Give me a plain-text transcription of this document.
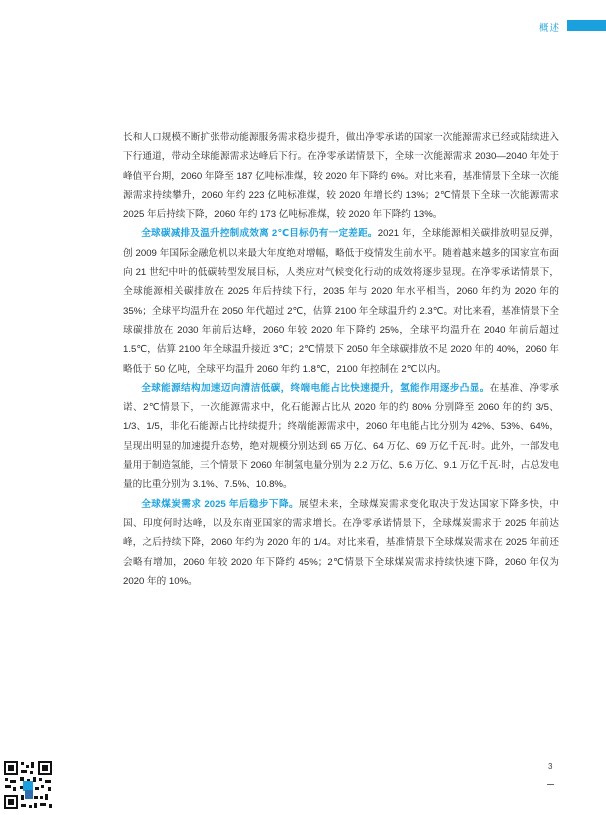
概述

长和人口规模不断扩张带动能源服务需求稳步提升，做出净零承诺的国家一次能源需求已经或陆续进入下行通道，带动全球能源需求达峰后下行。在净零承诺情景下，全球一次能源需求 2030—2040 年处于峰值平台期，2060 年降至 187 亿吨标准煤，较 2020 年下降约 6%。对比来看，基准情景下全球一次能源需求持续攀升，2060 年约 223 亿吨标准煤，较 2020 年增长约 13%；2℃情景下全球一次能源需求 2025 年后持续下降，2060 年约 173 亿吨标准煤，较 2020 年下降约 13%。

全球碳减排及温升控制成效离 2℃目标仍有一定差距。2021 年，全球能源相关碳排放明显反弹，创 2009 年国际金融危机以来最大年度绝对增幅，略低于疫情发生前水平。随着越来越多的国家宣布面向 21 世纪中叶的低碳转型发展目标，人类应对气候变化行动的成效将逐步显现。在净零承诺情景下，全球能源相关碳排放在 2025 年后持续下行，2035 年与 2020 年水平相当，2060 年约为 2020 年的 35%；全球平均温升在 2050 年代超过 2℃，估算 2100 年全球温升约 2.3℃。对比来看，基准情景下全球碳排放在 2030 年前后达峰，2060 年较 2020 年下降约 25%，全球平均温升在 2040 年前后超过 1.5℃，估算 2100 年全球温升接近 3℃；2℃情景下 2050 年全球碳排放不足 2020 年的 40%，2060 年略低于 50 亿吨，全球平均温升 2060 年约 1.8℃，2100 年控制在 2℃以内。

全球能源结构加速迈向清洁低碳，终端电能占比快速提升，氢能作用逐步凸显。在基准、净零承诺、2℃情景下，一次能源需求中，化石能源占比从 2020 年的约 80% 分别降至 2060 年的约 3/5、1/3、1/5，非化石能源占比持续提升；终端能源需求中，2060 年电能占比分别为 42%、53%、64%，呈现出明显的加速提升态势，绝对规模分别达到 65 万亿、64 万亿、69 万亿千瓦·时。此外，一部发电量用于制造氢能，三个情景下 2060 年制氢电量分别为 2.2 万亿、5.6 万亿、9.1 万亿千瓦·时，占总发电量的比重分别为 3.1%、7.5%、10.8%。

全球煤炭需求 2025 年后稳步下降。展望未来，全球煤炭需求变化取决于发达国家下降多快，中国、印度何时达峰，以及东南亚国家的需求增长。在净零承诺情景下，全球煤炭需求于 2025 年前达峰，之后持续下降，2060 年约为 2020 年的 1/4。对比来看，基准情景下全球煤炭需求在 2025 年前还会略有增加，2060 年较 2020 年下降约 45%；2℃情景下全球煤炭需求持续快速下降，2060 年仅为 2020 年的 10%。

3
